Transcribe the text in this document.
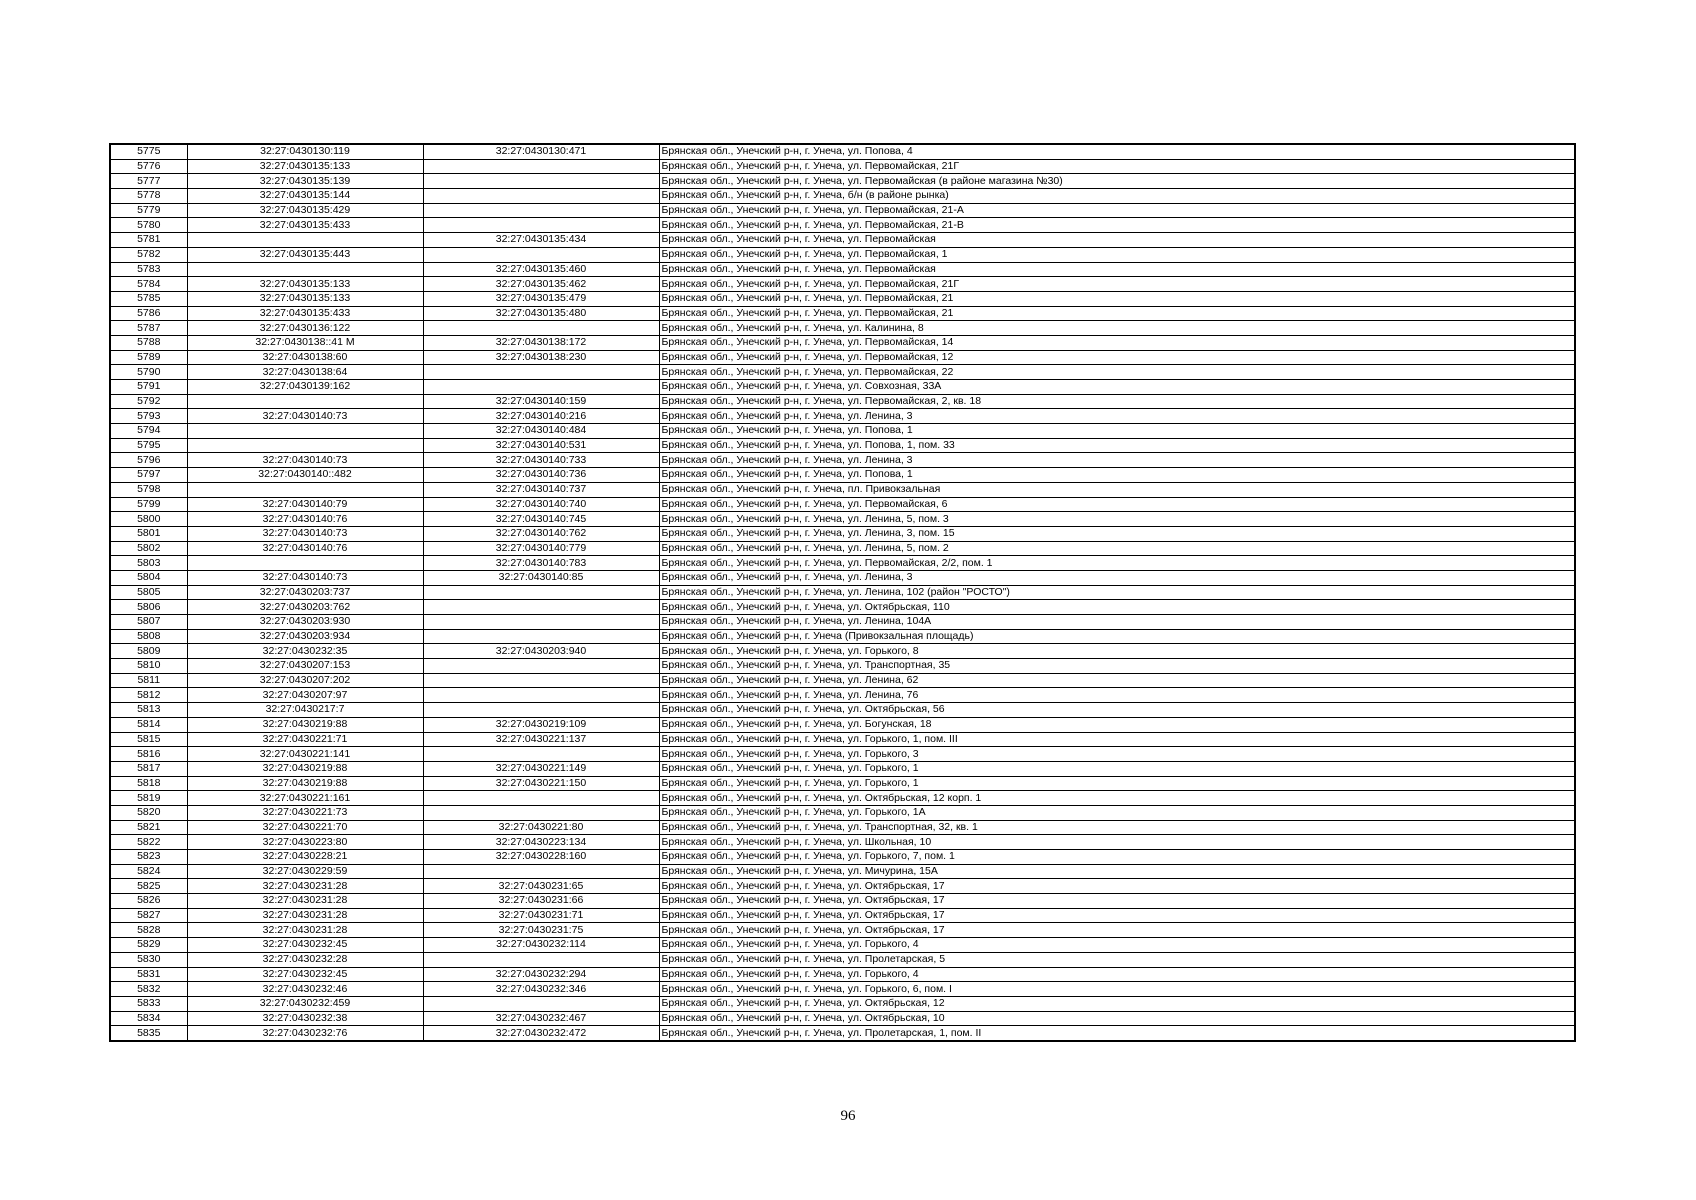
5775	32:27:0430130:119	32:27:0430130:471	Брянская обл., Унечский р-н, г. Унеча, ул. Попова, 4
5776	32:27:0430135:133		Брянская обл., Унечский р-н, г. Унеча, ул. Первомайская, 21Г
5777	32:27:0430135:139		Брянская обл., Унечский р-н, г. Унеча, ул. Первомайская (в районе магазина №30)
5778	32:27:0430135:144		Брянская обл., Унечский р-н, г. Унеча, б/н (в районе рынка)
5779	32:27:0430135:429		Брянская обл., Унечский р-н, г. Унеча, ул. Первомайская, 21-А
5780	32:27:0430135:433		Брянская обл., Унечский р-н, г. Унеча, ул. Первомайская, 21-В
5781		32:27:0430135:434	Брянская обл., Унечский р-н, г. Унеча, ул. Первомайская
5782	32:27:0430135:443		Брянская обл., Унечский р-н, г. Унеча, ул. Первомайская, 1
5783		32:27:0430135:460	Брянская обл., Унечский р-н, г. Унеча, ул. Первомайская
5784	32:27:0430135:133	32:27:0430135:462	Брянская обл., Унечский р-н, г. Унеча, ул. Первомайская, 21Г
5785	32:27:0430135:133	32:27:0430135:479	Брянская обл., Унечский р-н, г. Унеча, ул. Первомайская, 21
5786	32:27:0430135:433	32:27:0430135:480	Брянская обл., Унечский р-н, г. Унеча, ул. Первомайская, 21
5787	32:27:0430136:122		Брянская обл., Унечский р-н, г. Унеча, ул. Калинина, 8
5788	32:27:0430138::41 M	32:27:0430138:172	Брянская обл., Унечский р-н, г. Унеча, ул. Первомайская, 14
5789	32:27:0430138:60	32:27:0430138:230	Брянская обл., Унечский р-н, г. Унеча, ул. Первомайская, 12
5790	32:27:0430138:64		Брянская обл., Унечский р-н, г. Унеча, ул. Первомайская, 22
5791	32:27:0430139:162		Брянская обл., Унечский р-н, г. Унеча, ул. Совхозная, 33А
5792		32:27:0430140:159	Брянская обл., Унечский р-н, г. Унеча, ул. Первомайская, 2, кв. 18
5793	32:27:0430140:73	32:27:0430140:216	Брянская обл., Унечский р-н, г. Унеча, ул. Ленина, 3
5794		32:27:0430140:484	Брянская обл., Унечский р-н, г. Унеча, ул. Попова, 1
5795		32:27:0430140:531	Брянская обл., Унечский р-н, г. Унеча, ул. Попова, 1, пом. 33
5796	32:27:0430140:73	32:27:0430140:733	Брянская обл., Унечский р-н, г. Унеча, ул. Ленина, 3
5797	32:27:0430140::482	32:27:0430140:736	Брянская обл., Унечский р-н, г. Унеча, ул. Попова, 1
5798		32:27:0430140:737	Брянская обл., Унечский р-н, г. Унеча, пл. Привокзальная
5799	32:27:0430140:79	32:27:0430140:740	Брянская обл., Унечский р-н, г. Унеча, ул. Первомайская, 6
5800	32:27:0430140:76	32:27:0430140:745	Брянская обл., Унечский р-н, г. Унеча, ул. Ленина, 5, пом. 3
5801	32:27:0430140:73	32:27:0430140:762	Брянская обл., Унечский р-н, г. Унеча, ул. Ленина, 3, пом. 15
5802	32:27:0430140:76	32:27:0430140:779	Брянская обл., Унечский р-н, г. Унеча, ул. Ленина, 5, пом. 2
5803		32:27:0430140:783	Брянская обл., Унечский р-н, г. Унеча, ул. Первомайская, 2/2, пом. 1
5804	32:27:0430140:73	32:27:0430140:85	Брянская обл., Унечский р-н, г. Унеча, ул. Ленина, 3
5805	32:27:0430203:737		Брянская обл., Унечский р-н, г. Унеча, ул. Ленина, 102 (район "РОСТО")
5806	32:27:0430203:762		Брянская обл., Унечский р-н, г. Унеча, ул. Октябрьская, 110
5807	32:27:0430203:930		Брянская обл., Унечский р-н, г. Унеча, ул. Ленина, 104А
5808	32:27:0430203:934		Брянская обл., Унечский р-н, г. Унеча (Привокзальная площадь)
5809	32:27:0430232:35	32:27:0430203:940	Брянская обл., Унечский р-н, г. Унеча, ул. Горького, 8
5810	32:27:0430207:153		Брянская обл., Унечский р-н, г. Унеча, ул. Транспортная, 35
5811	32:27:0430207:202		Брянская обл., Унечский р-н, г. Унеча, ул. Ленина, 62
5812	32:27:0430207:97		Брянская обл., Унечский р-н, г. Унеча, ул. Ленина, 76
5813	32:27:0430217:7		Брянская обл., Унечский р-н, г. Унеча, ул. Октябрьская, 56
5814	32:27:0430219:88	32:27:0430219:109	Брянская обл., Унечский р-н, г. Унеча, ул. Богунская, 18
5815	32:27:0430221:71	32:27:0430221:137	Брянская обл., Унечский р-н, г. Унеча, ул. Горького, 1, пом. III
5816	32:27:0430221:141		Брянская обл., Унечский р-н, г. Унеча, ул. Горького, 3
5817	32:27:0430219:88	32:27:0430221:149	Брянская обл., Унечский р-н, г. Унеча, ул. Горького, 1
5818	32:27:0430219:88	32:27:0430221:150	Брянская обл., Унечский р-н, г. Унеча, ул. Горького, 1
5819	32:27:0430221:161		Брянская обл., Унечский р-н, г. Унеча, ул. Октябрьская, 12 корп. 1
5820	32:27:0430221:73		Брянская обл., Унечский р-н, г. Унеча, ул. Горького, 1А
5821	32:27:0430221:70	32:27:0430221:80	Брянская обл., Унечский р-н, г. Унеча, ул. Транспортная, 32, кв. 1
5822	32:27:0430223:80	32:27:0430223:134	Брянская обл., Унечский р-н, г. Унеча, ул. Школьная, 10
5823	32:27:0430228:21	32:27:0430228:160	Брянская обл., Унечский р-н, г. Унеча, ул. Горького, 7, пом. 1
5824	32:27:0430229:59		Брянская обл., Унечский р-н, г. Унеча, ул. Мичурина, 15А
5825	32:27:0430231:28	32:27:0430231:65	Брянская обл., Унечский р-н, г. Унеча, ул. Октябрьская, 17
5826	32:27:0430231:28	32:27:0430231:66	Брянская обл., Унечский р-н, г. Унеча, ул. Октябрьская, 17
5827	32:27:0430231:28	32:27:0430231:71	Брянская обл., Унечский р-н, г. Унеча, ул. Октябрьская, 17
5828	32:27:0430231:28	32:27:0430231:75	Брянская обл., Унечский р-н, г. Унеча, ул. Октябрьская, 17
5829	32:27:0430232:45	32:27:0430232:114	Брянская обл., Унечский р-н, г. Унеча, ул. Горького, 4
5830	32:27:0430232:28		Брянская обл., Унечский р-н, г. Унеча, ул. Пролетарская, 5
5831	32:27:0430232:45	32:27:0430232:294	Брянская обл., Унечский р-н, г. Унеча, ул. Горького, 4
5832	32:27:0430232:46	32:27:0430232:346	Брянская обл., Унечский р-н, г. Унеча, ул. Горького, 6, пом. I
5833	32:27:0430232:459		Брянская обл., Унечский р-н, г. Унеча, ул. Октябрьская, 12
5834	32:27:0430232:38	32:27:0430232:467	Брянская обл., Унечский р-н, г. Унеча, ул. Октябрьская, 10
5835	32:27:0430232:76	32:27:0430232:472	Брянская обл., Унечский р-н, г. Унеча, ул. Пролетарская, 1, пом. II
96
